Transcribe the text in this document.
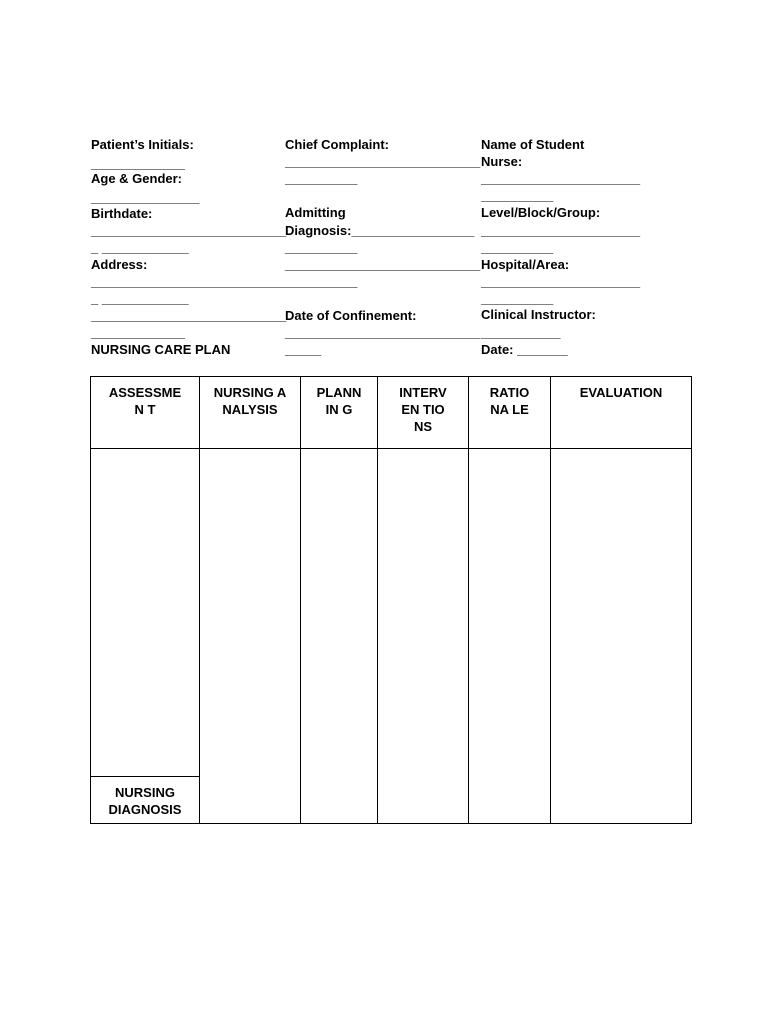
Patient’s Initials:

_____________

Age & Gender:

_______________

Birthdate:

___________________________

_ ____________

Address:

___________________________

_ ____________

___________________________

_____________

NURSING CARE PLAN

Chief Complaint:

___________________________

__________

Admitting

Diagnosis:_________________

__________

___________________________

__________

Date of Confinement:

___________________________

_____

Name of Student

Nurse:

______________________

__________

Level/Block/Group:

______________________

__________

Hospital/Area:

______________________

__________

Clinical Instructor:

___________

Date: _______

ASSESSME N T	NURSING ANALYSIS	PLANN IN G	INTERV EN TIONS	RATIO NA LE	EVALUATION

NURSING DIAGNOSIS					
